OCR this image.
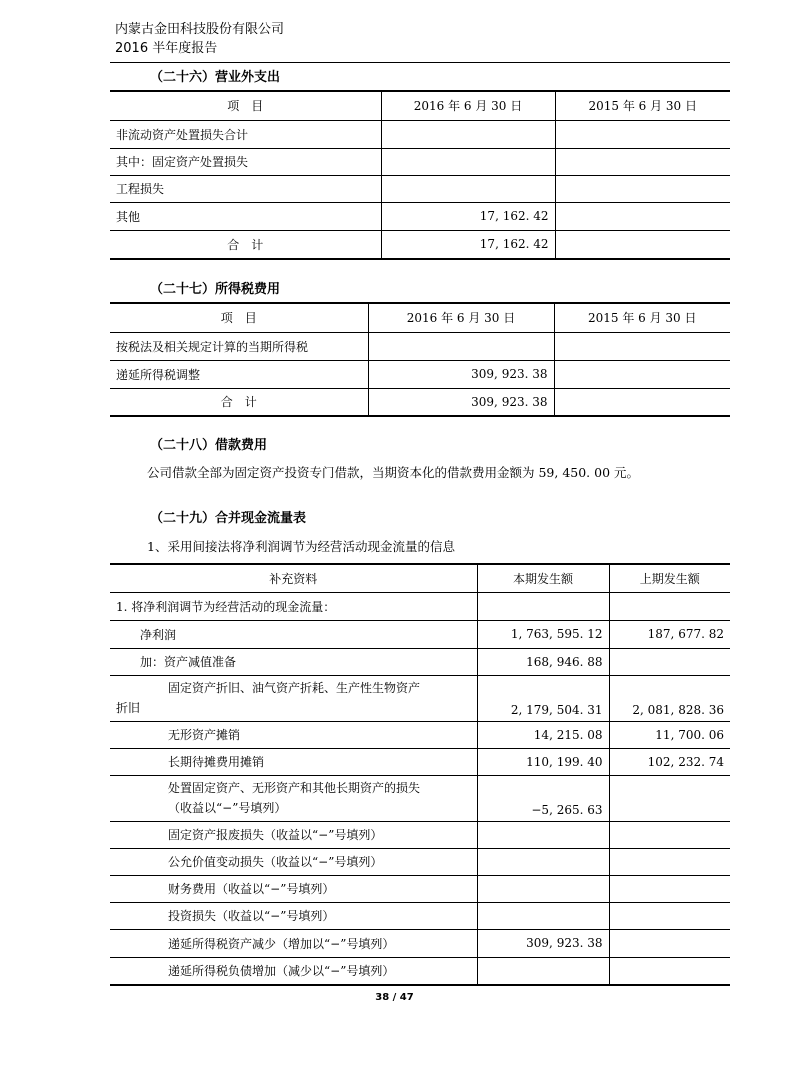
内蒙古金田科技股份有限公司
2016 半年度报告
（二十六）营业外支出
项　目	2016 年 6 月 30 日	2015 年 6 月 30 日
非流动资产处置损失合计		
其中：固定资产处置损失		
工程损失		
其他	17, 162. 42	
合　计	17, 162. 42	
（二十七）所得税费用
项　目	2016 年 6 月 30 日	2015 年 6 月 30 日
按税法及相关规定计算的当期所得税		
递延所得税调整	309, 923. 38	
合　计	309, 923. 38	
（二十八）借款费用
公司借款全部为固定资产投资专门借款，当期资本化的借款费用金额为 59, 450. 00 元。
（二十九）合并现金流量表
1、采用间接法将净利润调节为经营活动现金流量的信息
补充资料	本期发生额	上期发生额
1. 将净利润调节为经营活动的现金流量：		
净利润	1, 763, 595. 12	187, 677. 82
加：资产减值准备	168, 946. 88	

固定资产折旧、油气资产折耗、生产性生物资产
折旧	2, 179, 504. 31	2, 081, 828. 36
无形资产摊销	14, 215. 08	11, 700. 06
长期待摊费用摊销	110, 199. 40	102, 232. 74

处置固定资产、无形资产和其他长期资产的损失
（收益以“−”号填列）	−5, 265. 63	
固定资产报废损失（收益以“−”号填列）		
公允价值变动损失（收益以“−”号填列）		
财务费用（收益以“−”号填列）		
投资损失（收益以“−”号填列）		
递延所得税资产减少（增加以“−”号填列）	309, 923. 38	
递延所得税负债增加（减少以“−”号填列）		
38 / 47
